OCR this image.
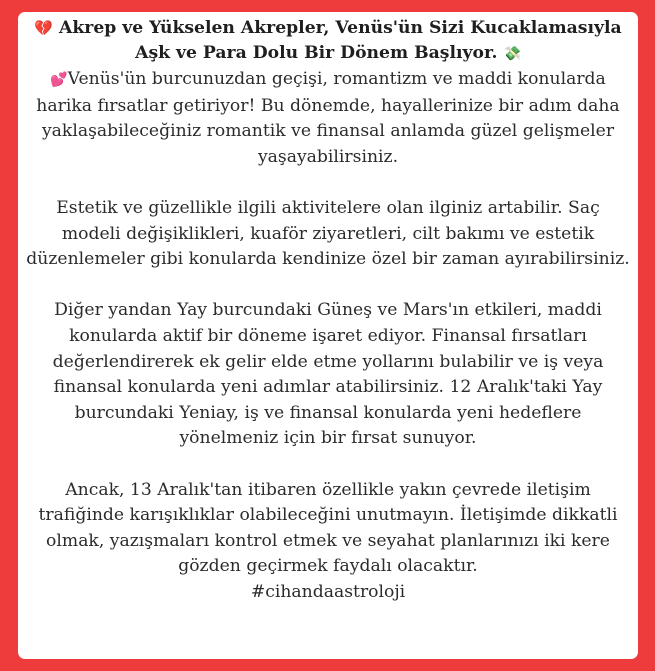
💔 Akrep ve Yükselen Akrepler, Venüs'ün Sizi Kucaklamasıyla Aşk ve Para Dolu Bir Dönem Başlıyor. 💸

💕Venüs'ün burcunuzdan geçişi, romantizm ve maddi konularda harika fırsatlar getiriyor! Bu dönemde, hayallerinize bir adım daha yaklaşabileceğiniz romantik ve finansal anlamda güzel gelişmeler yaşayabilirsiniz.

Estetik ve güzellikle ilgili aktivitelere olan ilginiz artabilir. Saç modeli değişiklikleri, kuaför ziyaretleri, cilt bakımı ve estetik düzenlemeler gibi konularda kendinize özel bir zaman ayırabilirsiniz.

Diğer yandan Yay burcundaki Güneş ve Mars'ın etkileri, maddi konularda aktif bir döneme işaret ediyor. Finansal fırsatları değerlendirerek ek gelir elde etme yollarını bulabilir ve iş veya finansal konularda yeni adımlar atabilirsiniz. 12 Aralık'taki Yay burcundaki Yeniay, iş ve finansal konularda yeni hedeflere yönelmeniz için bir fırsat sunuyor.

Ancak, 13 Aralık'tan itibaren özellikle yakın çevrede iletişim trafiğinde karışıklıklar olabileceğini unutmayın. İletişimde dikkatli olmak, yazışmaları kontrol etmek ve seyahat planlarınızı iki kere gözden geçirmek faydalı olacaktır.

#cihandaastroloji
